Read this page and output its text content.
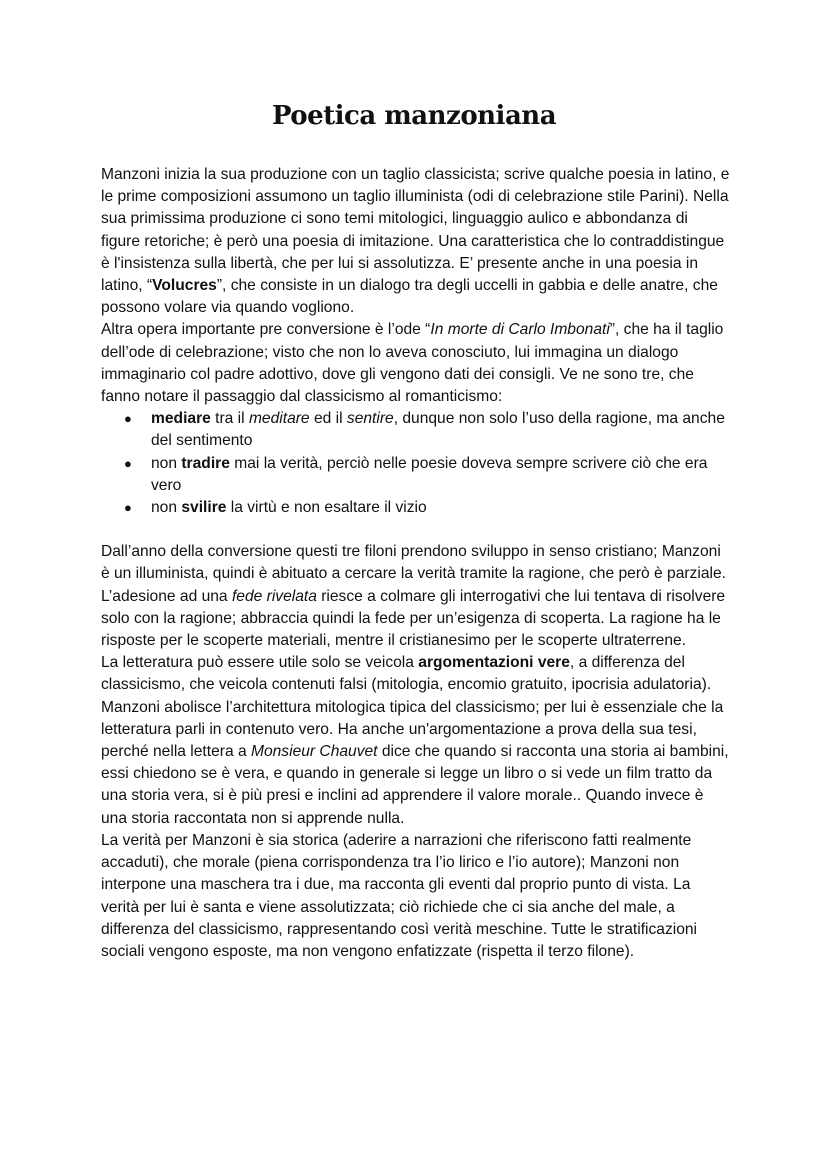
Poetica manzoniana

Manzoni inizia la sua produzione con un taglio classicista; scrive qualche poesia in latino, e le prime composizioni assumono un taglio illuminista (odi di celebrazione stile Parini). Nella sua primissima produzione ci sono temi mitologici, linguaggio aulico e abbondanza di figure retoriche; è però una poesia di imitazione. Una caratteristica che lo contraddistingue è l'insistenza sulla libertà, che per lui si assolutizza. E’ presente anche in una poesia in latino, “Volucres”, che consiste in un dialogo tra degli uccelli in gabbia e delle anatre, che possono volare via quando vogliono.

Altra opera importante pre conversione è l’ode “In morte di Carlo Imbonati”, che ha il taglio dell’ode di celebrazione; visto che non lo aveva conosciuto, lui immagina un dialogo immaginario col padre adottivo, dove gli vengono dati dei consigli. Ve ne sono tre, che fanno notare il passaggio dal classicismo al romanticismo:

● mediare tra il meditare ed il sentire, dunque non solo l’uso della ragione, ma anche del sentimento
● non tradire mai la verità, perciò nelle poesie doveva sempre scrivere ciò che era vero
● non svilire la virtù e non esaltare il vizio

Dall’anno della conversione questi tre filoni prendono sviluppo in senso cristiano; Manzoni è un illuminista, quindi è abituato a cercare la verità tramite la ragione, che però è parziale. L’adesione ad una fede rivelata riesce a colmare gli interrogativi che lui tentava di risolvere solo con la ragione; abbraccia quindi la fede per un’esigenza di scoperta. La ragione ha le risposte per le scoperte materiali, mentre il cristianesimo per le scoperte ultraterrene.

La letteratura può essere utile solo se veicola argomentazioni vere, a differenza del classicismo, che veicola contenuti falsi (mitologia, encomio gratuito, ipocrisia adulatoria). Manzoni abolisce l’architettura mitologica tipica del classicismo; per lui è essenziale che la letteratura parli in contenuto vero. Ha anche un'argomentazione a prova della sua tesi, perché nella lettera a Monsieur Chauvet dice che quando si racconta una storia ai bambini, essi chiedono se è vera, e quando in generale si legge un libro o si vede un film tratto da una storia vera, si è più presi e inclini ad apprendere il valore morale.. Quando invece è una storia raccontata non si apprende nulla.

La verità per Manzoni è sia storica (aderire a narrazioni che riferiscono fatti realmente accaduti), che morale (piena corrispondenza tra l’io lirico e l’io autore); Manzoni non interpone una maschera tra i due, ma racconta gli eventi dal proprio punto di vista. La verità per lui è santa e viene assolutizzata; ciò richiede che ci sia anche del male, a differenza del classicismo, rappresentando così verità meschine. Tutte le stratificazioni sociali vengono esposte, ma non vengono enfatizzate (rispetta il terzo filone).
